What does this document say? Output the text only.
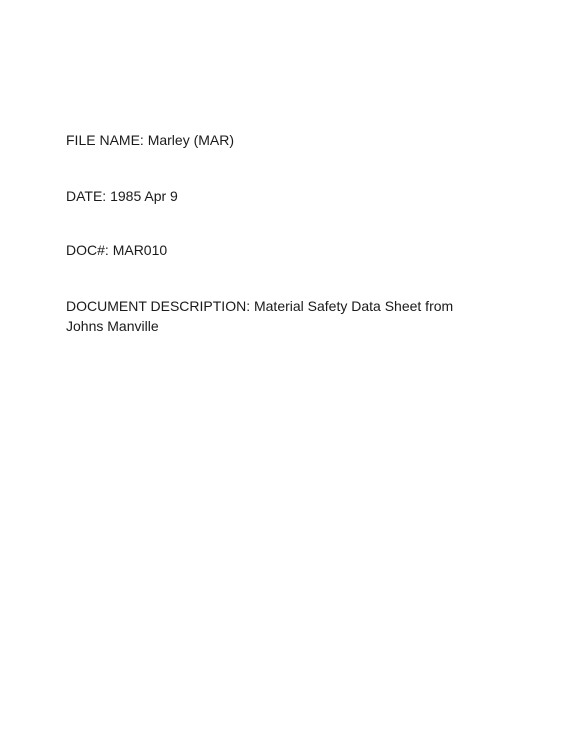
FILE NAME: Marley (MAR)
DATE: 1985 Apr 9
DOC#: MAR010
DOCUMENT DESCRIPTION: Material Safety Data Sheet from Johns Manville
